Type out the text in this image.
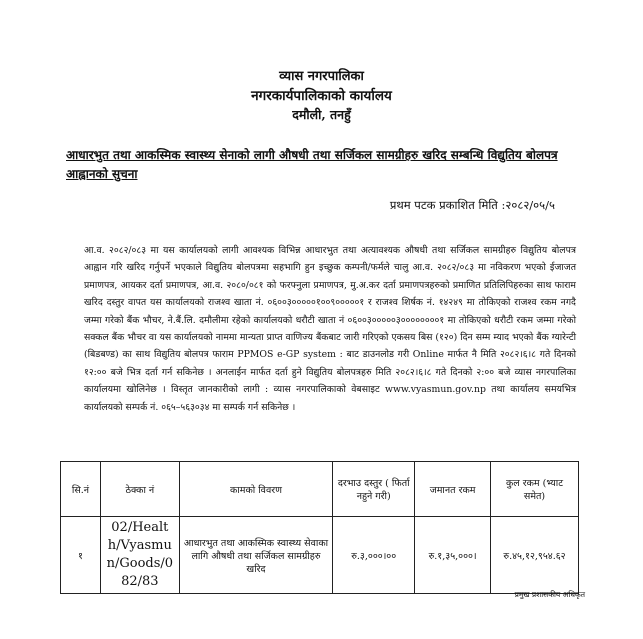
व्यास नगरपालिका
नगरकार्यपालिकाको कार्यालय
दमौली, तनहुँ
आधारभुत तथा आकस्मिक स्वास्थ्य सेनाको लागी औषधी तथा सर्जिकल सामग्रीहरु खरिद सम्बन्धि विद्युतिय बोलपत्र आह्वानको सुचना
प्रथम पटक प्रकाशित मिति :२०८२/०५/५
आ.व. २०८२/०८३ मा यस कार्यालयको लागी आवश्यक विभिन्न आधारभुत तथा अत्यावश्यक औषधी तथा सर्जिकल सामग्रीहरु विद्युतिय बोलपत्र आह्वान गरि खरिद गर्नुपर्ने भएकाले विद्युतिय बोलपत्रमा सहभागि हुन इच्छुक कम्पनी/फर्मले चालु आ.व. २०८२/०८३ मा नविकरण भएको ईजाजत प्रमाणपत्र, आयकर दर्ता प्रमाणपत्र, आ.व. २०८०/०८१ को फरफ्नुला प्रमाणपत्र, मु.अ.कर दर्ता प्रमाणपत्रहरुको प्रमाणित प्रतिलिपिहरुका साथ फाराम खरिद दस्तुर वापत यस कार्यालयको राजश्व खाता नं. ०६००३०००००१००९०००००१ र राजश्व शिर्षक नं. १४२४९ मा तोकिएको राजश्व रकम नगदै जम्मा गरेको बैंक भौचर, ने.बैं.लि. दमौलीमा रहेको कार्यालयको धरौटी खाता नं ०६००३०००००३००००००००१ मा तोकिएको धरौटी रकम जम्मा गरेको सक्कल बैंक भौचर वा यस कार्यालयको नाममा मान्यता प्राप्त वाणिज्य बैंकबाट जारी गरिएको एकसय बिस (१२०) दिन सम्म म्याद भएको बैंक ग्यारेन्टी (बिडबण्ड) का साथ विद्युतिय बोलपत्र फाराम PPMOS e-GP system : बाट डाउनलोड गरी Online मार्फत नै मिति २०८२।६।८ गते दिनको १२:०० बजे भित्र दर्ता गर्न सकिनेछ । अनलाईन मार्फत दर्ता हुने विद्युतिय बोलपत्रहरु मिति २०८२।६।८ गते दिनको २:०० बजे व्यास नगरपालिका कार्यालयमा खोलिनेछ । विस्तृत जानकारीको लागी : व्यास नगरपालिकाको वेबसाइट www.vyasmun.gov.np तथा कार्यालय समयभित्र कार्यालयको सम्पर्क नं. ०६५–५६३०३४ मा सम्पर्क गर्न सकिनेछ ।
सि.नं	ठेक्का नं	कामको विवरण	दरभाउ दस्तुर ( फिर्ता नहुने गरी)	जमानत रकम	कुल रकम (भ्याट समेत)
१	02/Health/Vyasmun/Goods/082/83	आधारभुत तथा आकस्मिक स्वास्थ्य सेवाका लागि औषधी तथा सर्जिकल सामग्रीहरु खरिद	रु.३,०००।००	रु.१,३५,०००।	रु.४५,१२,९५४.६२
प्रमुख प्रशासकीय अधिकृत
